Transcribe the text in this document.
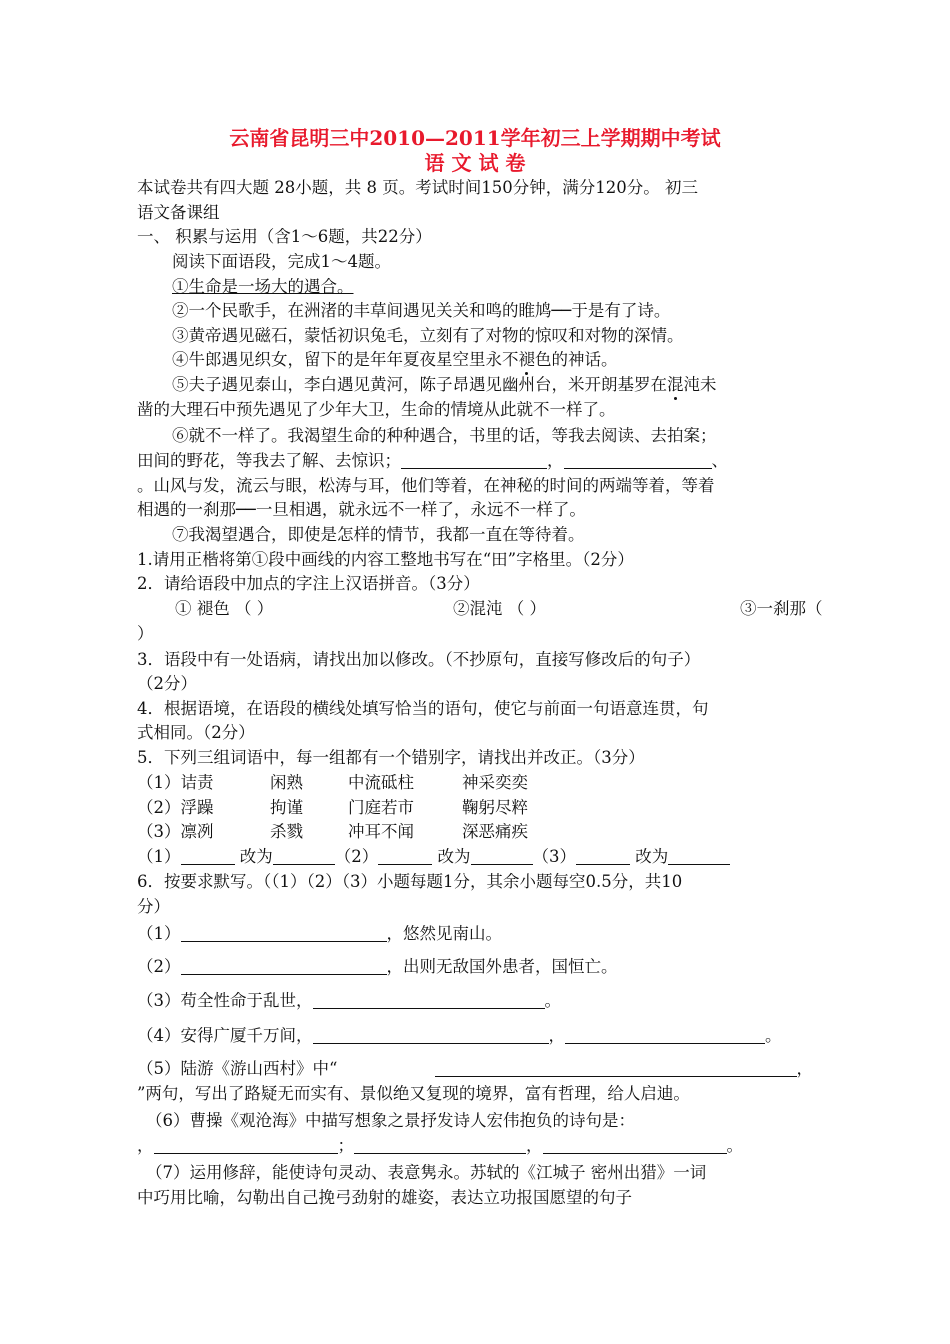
云南省昆明三中2010—2011学年初三上学期期中考试
语 文 试 卷
本试卷共有四大题 28小题，共 8 页。考试时间150分钟，满分120分。 初三
语文备课组
一、 积累与运用（含1～6题，共22分）
阅读下面语段，完成1〜4题。
①生命是一场大的遇合。
②一个民歌手，在洲渚的丰草间遇见关关和鸣的睢鸠──于是有了诗。
③黄帝遇见磁石，蒙恬初识兔毛，立刻有了对物的惊叹和对物的深情。
④牛郎遇见织女，留下的是年年夏夜星空里永不褪色的神话。
⑤夫子遇见泰山，李白遇见黄河，陈子昂遇见幽州台，米开朗基罗在混沌未
凿的大理石中预先遇见了少年大卫，生命的情境从此就不一样了。
⑥就不一样了。我渴望生命的种种遇合，书里的话，等我去阅读、去拍案；
田间的野花，等我去了解、去惊识；	，	、
。山风与发，流云与眼，松涛与耳，他们等着，在神秘的时间的两端等着，等着
相遇的一刹那──一旦相遇，就永远不一样了，永远不一样了。
⑦我渴望遇合，即使是怎样的情节，我都一直在等待着。
1.请用正楷将第①段中画线的内容工整地书写在“田”字格里。（2分）
2．请给语段中加点的字注上汉语拼音。（3分）
① 褪色 （ ）	②混沌 （ ）	③一刹那（
）
3．语段中有一处语病，请找出加以修改。（不抄原句，直接写修改后的句子）
（2分）
4．根据语境，在语段的横线处填写恰当的语句，使它与前面一句语意连贯，句
式相同。（2分）
5．下列三组词语中，每一组都有一个错别字，请找出并改正。（3分）
（1）诘责	闲熟	中流砥柱	神采奕奕
（2）浮躁	拘谨	门庭若市	鞠躬尽粹
（3）凛冽	杀戮	冲耳不闻	深恶痛疾
（1）	改为	（2）	改为	（3）	改为
6．按要求默写。（（1）（2）（3）小题每题1分，其余小题每空0.5分，共10
分）
（1）	，悠然见南山。
（2）	，出则无敌国外患者，国恒亡。
（3）苟全性命于乱世，	。
（4）安得广厦千万间，	，	。
（5）陆游《游山西村》中“	，
”两句，写出了路疑无而实有、景似绝又复现的境界，富有哲理，给人启迪。
（6）曹操《观沧海》中描写想象之景抒发诗人宏伟抱负的诗句是：
，	；	，	。
（7）运用修辞，能使诗句灵动、表意隽永。苏轼的《江城子 密州出猎》一词
中巧用比喻，勾勒出自己挽弓劲射的雄姿，表达立功报国愿望的句子
